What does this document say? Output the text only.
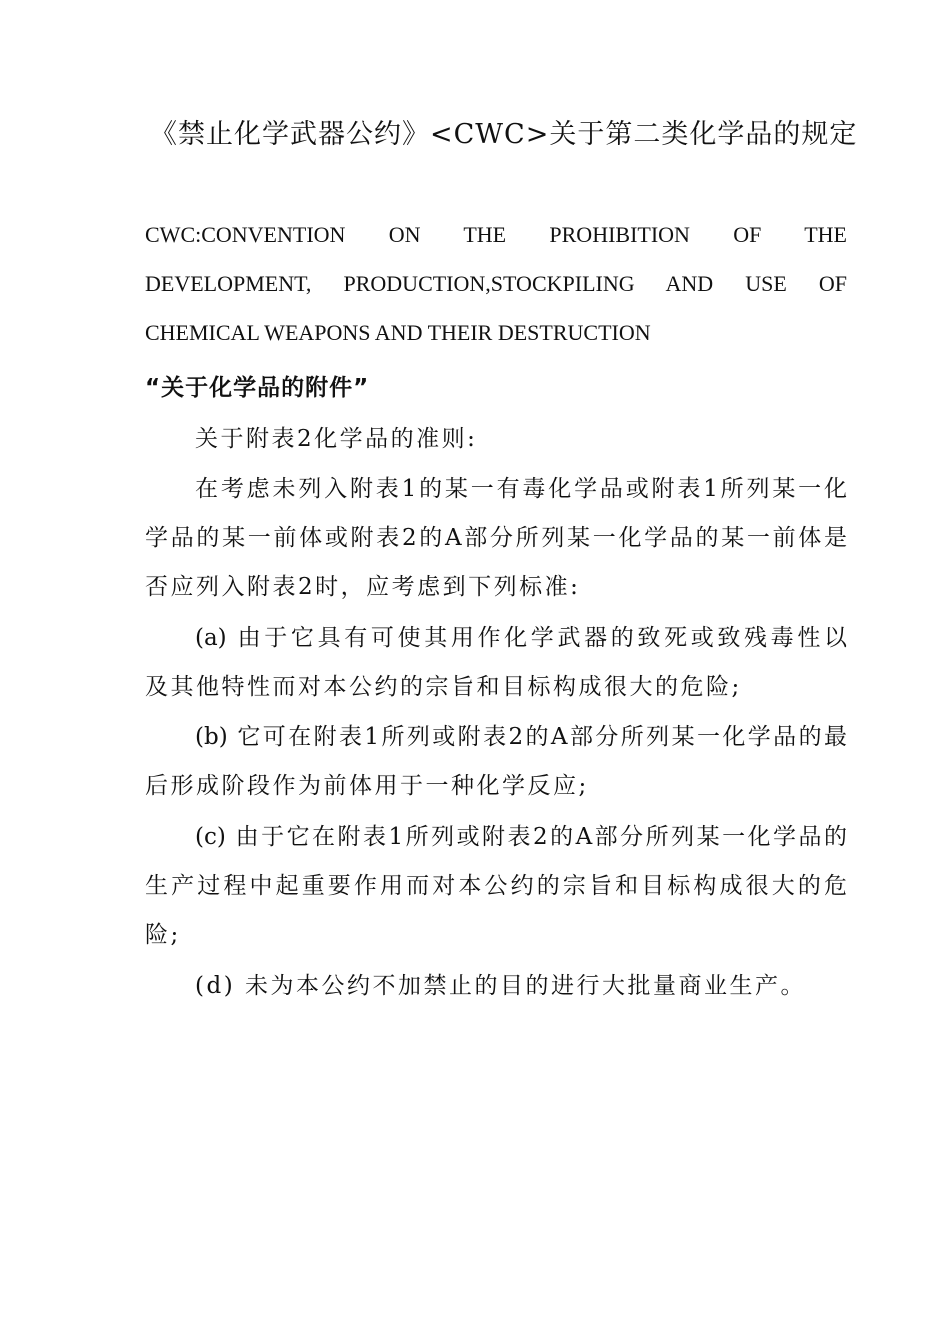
《禁止化学武器公约》<CWC>关于第二类化学品的规定
CWC:CONVENTION ON THE PROHIBITION OF THE
DEVELOPMENT, PRODUCTION,STOCKPILING AND USE OF
CHEMICAL WEAPONS AND THEIR DESTRUCTION
“关于化学品的附件”
关于附表2化学品的准则:
在考虑未列入附表1的某一有毒化学品或附表1所列某一化
学品的某一前体或附表2的A部分所列某一化学品的某一前体是
否应列入附表2时，应考虑到下列标准:
(a) 由于它具有可使其用作化学武器的致死或致残毒性以
及其他特性而对本公约的宗旨和目标构成很大的危险;
(b) 它可在附表1所列或附表2的A部分所列某一化学品的最
后形成阶段作为前体用于一种化学反应;
(c) 由于它在附表1所列或附表2的A部分所列某一化学品的
生产过程中起重要作用而对本公约的宗旨和目标构成很大的危
险;
(d) 未为本公约不加禁止的目的进行大批量商业生产。
